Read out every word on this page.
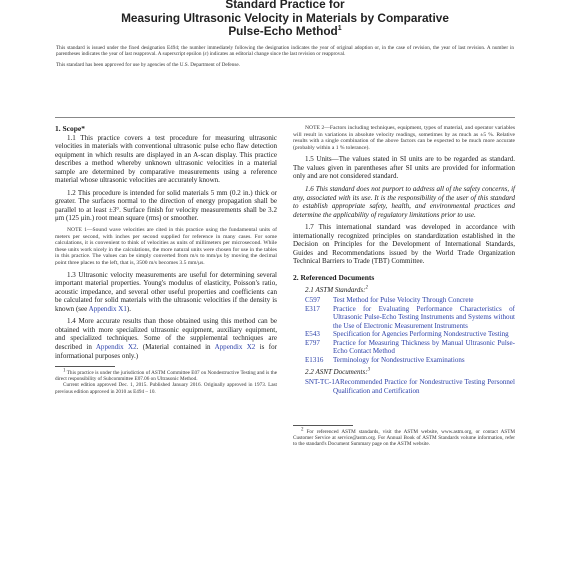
Standard Practice for
Measuring Ultrasonic Velocity in Materials by Comparative
Pulse-Echo Method$^1$

This standard is issued under the fixed designation E494; the number immediately following the designation indicates the year of original adoption or, in the case of revision, the year of last revision. A number in parentheses indicates the year of last reapproval. A superscript epsilon (ε) indicates an editorial change since the last revision or reapproval.

This standard has been approved for use by agencies of the U.S. Department of Defense.

1. Scope*

1.1 This practice covers a test procedure for measuring ultrasonic velocities in materials with conventional ultrasonic pulse echo flaw detection equipment in which results are displayed in an A-scan display. This practice describes a method whereby unknown ultrasonic velocities in a material sample are determined by comparative measurements using a reference material whose ultrasonic velocities are accurately known.

1.2 This procedure is intended for solid materials 5 mm (0.2 in.) thick or greater. The surfaces normal to the direction of energy propagation shall be parallel to at least ±3°. Surface finish for velocity measurements shall be 3.2 μm (125 μin.) root mean square (rms) or smoother.

NOTE 1—Sound wave velocities are cited in this practice using the fundamental units of meters per second, with inches per second supplied for reference in many cases. For some calculations, it is convenient to think of velocities as units of millimeters per microsecond. While these units work nicely in the calculations, the more natural units were chosen for use in the tables in this practice. The values can be simply converted from m/s to mm/μs by moving the decimal point three places to the left, that is, 3500 m/s becomes 3.5 mm/μs.

1.3 Ultrasonic velocity measurements are useful for determining several important material properties. Young's modulus of elasticity, Poisson's ratio, acoustic impedance, and several other useful properties and coefficients can be calculated for solid materials with the ultrasonic velocities if the density is known (see Appendix X1).

1.4 More accurate results than those obtained using this method can be obtained with more specialized ultrasonic equipment, auxiliary equipment, and specialized techniques. Some of the supplemental techniques are described in Appendix X2. (Material contained in Appendix X2 is for informational purposes only.)

$^1$ This practice is under the jurisdiction of ASTM Committee E07 on Nondestructive Testing and is the direct responsibility of Subcommittee E07.06 on Ultrasonic Method.

Current edition approved Dec. 1, 2015. Published January 2016. Originally approved in 1973. Last previous edition approved in 2010 as E494 – 10.

NOTE 2—Factors including techniques, equipment, types of material, and operator variables will result in variations in absolute velocity readings, sometimes by as much as ±5 %. Relative results with a single combination of the above factors can be expected to be much more accurate (probably within a 1 % tolerance).

1.5 Units—The values stated in SI units are to be regarded as standard. The values given in parentheses after SI units are provided for information only and are not considered standard.

1.6 This standard does not purport to address all of the safety concerns, if any, associated with its use. It is the responsibility of the user of this standard to establish appropriate safety, health, and environmental practices and determine the applicability of regulatory limitations prior to use.

1.7 This international standard was developed in accordance with internationally recognized principles on standardization established in the Decision on Principles for the Development of International Standards, Guides and Recommendations issued by the World Trade Organization Technical Barriers to Trade (TBT) Committee.

2. Referenced Documents

2.1 ASTM Standards:$^2$

C597 Test Method for Pulse Velocity Through Concrete

E317 Practice for Evaluating Performance Characteristics of Ultrasonic Pulse-Echo Testing Instruments and Systems without the Use of Electronic Measurement Instruments

E543 Specification for Agencies Performing Nondestructive Testing

E797 Practice for Measuring Thickness by Manual Ultrasonic Pulse-Echo Contact Method

E1316 Terminology for Nondestructive Examinations

2.2 ASNT Documents:$^3$

SNT-TC-1ARecommended Practice for Nondestructive Testing Personnel Qualification and Certification

$^2$ For referenced ASTM standards, visit the ASTM website, www.astm.org, or contact ASTM Customer Service at service@astm.org. For Annual Book of ASTM Standards volume information, refer to the standard's Document Summary page on the ASTM website.
